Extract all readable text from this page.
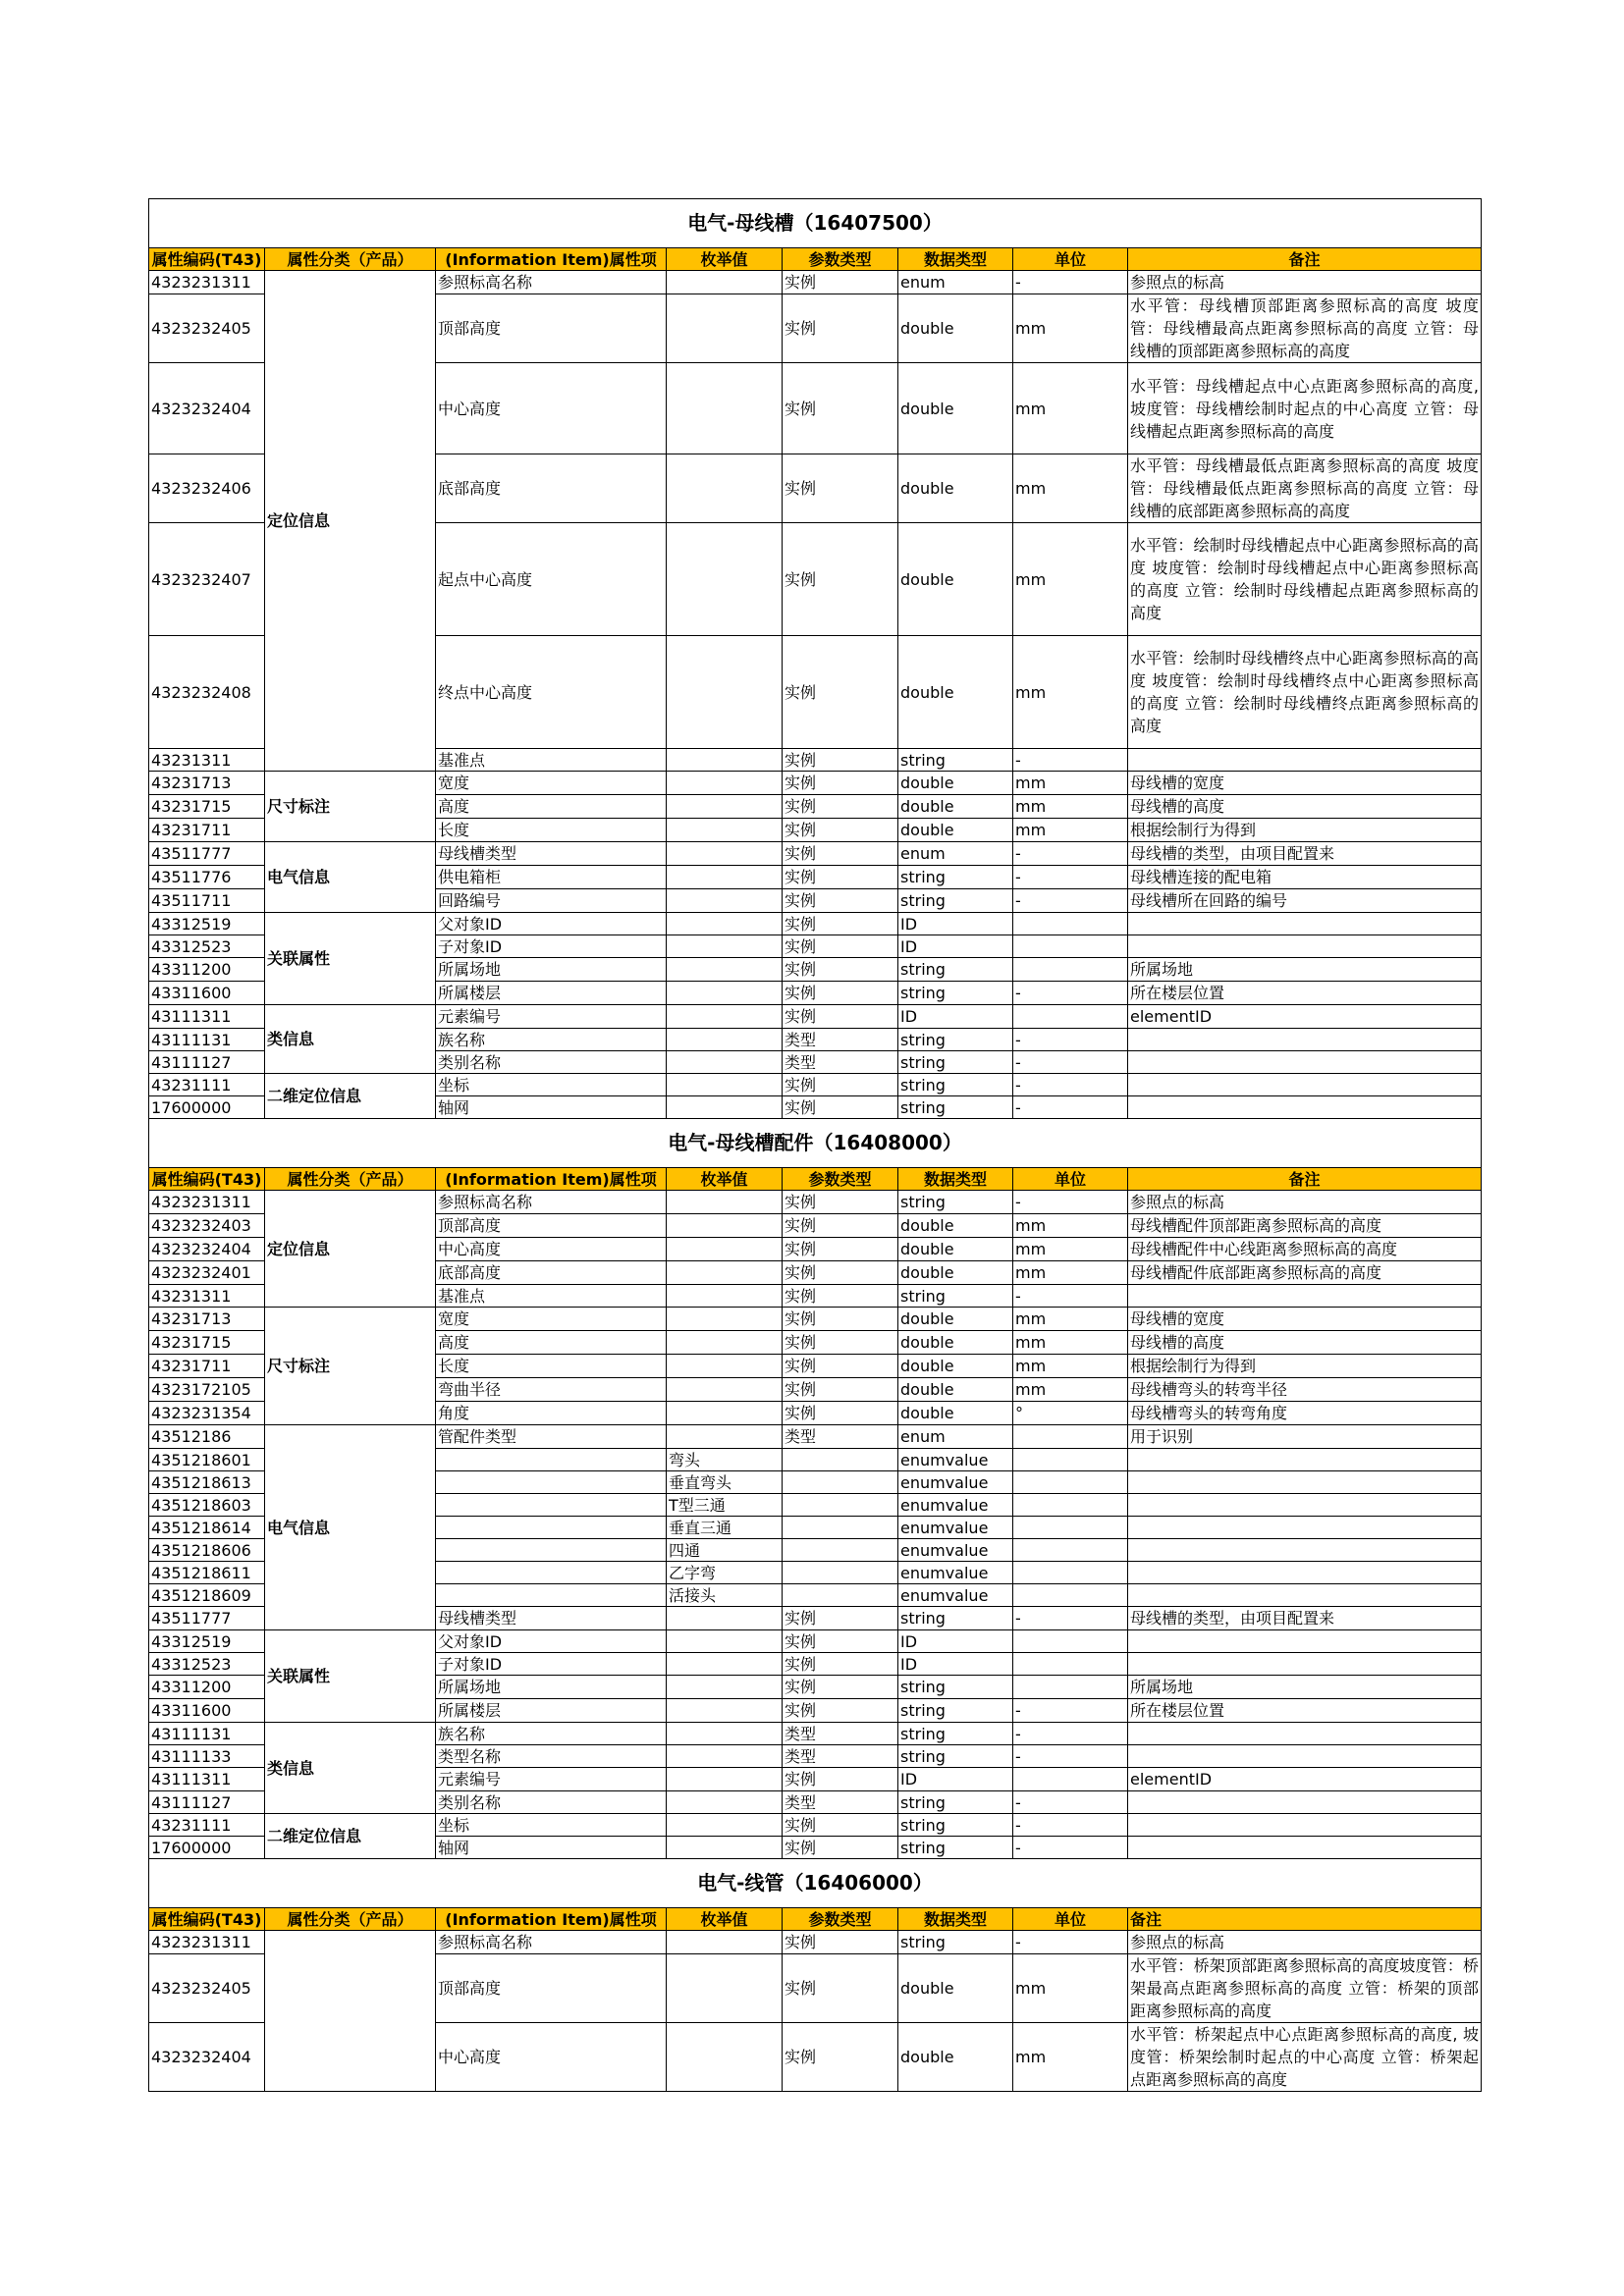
电气-母线槽（16407500）							
属性编码(T43)	属性分类（产品）	(Information Item)属性项	枚举值	参数类型	数据类型	单位	备注
4323231311	定位信息	参照标高名称		实例	enum	-	参照点的标高
4323232405		顶部高度		实例	double	mm	水平管：母线槽顶部距离参照标高的高度 坡度管：母线槽最高点距离参照标高的高度 立管：母线槽的顶部距离参照标高的高度
4323232404		中心高度		实例	double	mm	水平管：母线槽起点中心点距离参照标高的高度, 坡度管：母线槽绘制时起点的中心高度 立管：母线槽起点距离参照标高的高度
4323232406		底部高度		实例	double	mm	水平管：母线槽最低点距离参照标高的高度 坡度管：母线槽最低点距离参照标高的高度 立管：母线槽的底部距离参照标高的高度
4323232407		起点中心高度		实例	double	mm	水平管：绘制时母线槽起点中心距离参照标高的高度 坡度管：绘制时母线槽起点中心距离参照标高的高度 立管：绘制时母线槽起点距离参照标高的高度
4323232408		终点中心高度		实例	double	mm	水平管：绘制时母线槽终点中心距离参照标高的高度 坡度管：绘制时母线槽终点中心距离参照标高的高度 立管：绘制时母线槽终点距离参照标高的高度
43231311		基准点		实例	string	-	
43231713	尺寸标注	宽度		实例	double	mm	母线槽的宽度
43231715		高度		实例	double	mm	母线槽的高度
43231711		长度		实例	double	mm	根据绘制行为得到
43511777	电气信息	母线槽类型		实例	enum	-	母线槽的类型，由项目配置来
43511776		供电箱柜		实例	string	-	母线槽连接的配电箱
43511711		回路编号		实例	string	-	母线槽所在回路的编号
43312519	关联属性	父对象ID		实例	ID		
43312523		子对象ID		实例	ID		
43311200		所属场地		实例	string		所属场地
43311600		所属楼层		实例	string	-	所在楼层位置
43111311	类信息	元素编号		实例	ID		elementID
43111131		族名称		类型	string	-	
43111127		类别名称		类型	string	-	
43231111	二维定位信息	坐标		实例	string	-	
17600000		轴网		实例	string	-	
电气-母线槽配件（16408000）							
属性编码(T43)	属性分类（产品）	(Information Item)属性项	枚举值	参数类型	数据类型	单位	备注
4323231311	定位信息	参照标高名称		实例	string	-	参照点的标高
4323232403		顶部高度		实例	double	mm	母线槽配件顶部距离参照标高的高度
4323232404		中心高度		实例	double	mm	母线槽配件中心线距离参照标高的高度
4323232401		底部高度		实例	double	mm	母线槽配件底部距离参照标高的高度
43231311		基准点		实例	string	-	
43231713	尺寸标注	宽度		实例	double	mm	母线槽的宽度
43231715		高度		实例	double	mm	母线槽的高度
43231711		长度		实例	double	mm	根据绘制行为得到
4323172105		弯曲半径		实例	double	mm	母线槽弯头的转弯半径
4323231354		角度		实例	double	°	母线槽弯头的转弯角度
43512186	电气信息	管配件类型		类型	enum		用于识别
4351218601			弯头		enumvalue		
4351218613			垂直弯头		enumvalue		
4351218603			T型三通		enumvalue		
4351218614			垂直三通		enumvalue		
4351218606			四通		enumvalue		
4351218611			乙字弯		enumvalue		
4351218609			活接头		enumvalue		
43511777		母线槽类型		实例	string	-	母线槽的类型，由项目配置来
43312519	关联属性	父对象ID		实例	ID		
43312523		子对象ID		实例	ID		
43311200		所属场地		实例	string		所属场地
43311600		所属楼层		实例	string	-	所在楼层位置
43111131	类信息	族名称		类型	string	-	
43111133		类型名称		类型	string	-	
43111311		元素编号		实例	ID		elementID
43111127		类别名称		类型	string	-	
43231111	二维定位信息	坐标		实例	string	-	
17600000		轴网		实例	string	-	
电气-线管（16406000）							
属性编码(T43)	属性分类（产品）	(Information Item)属性项	枚举值	参数类型	数据类型	单位	备注
4323231311		参照标高名称		实例	string	-	参照点的标高
4323232405		顶部高度		实例	double	mm	水平管：桥架顶部距离参照标高的高度坡度管：桥架最高点距离参照标高的高度 立管：桥架的顶部距离参照标高的高度
4323232404		中心高度		实例	double	mm	水平管：桥架起点中心点距离参照标高的高度, 坡度管：桥架绘制时起点的中心高度 立管：桥架起点距离参照标高的高度
